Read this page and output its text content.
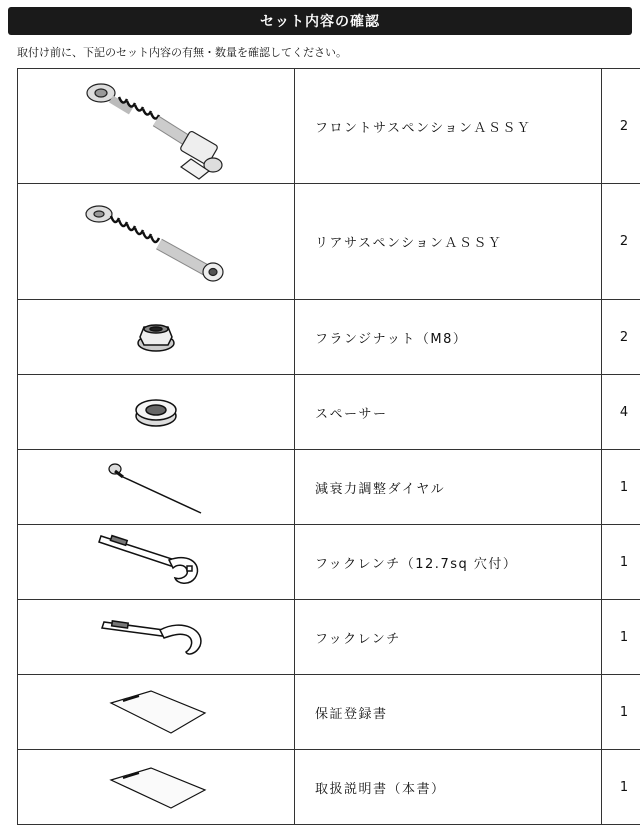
セット内容の確認
取付け前に、下記のセット内容の有無・数量を確認してください。
	フロントサスペンションＡＳＳＹ	2

	リアサスペンションＡＳＳＹ	2

	フランジナット（M8）	2

	スペーサー	4

	減衰力調整ダイヤル	1

	フックレンチ（12.7sq 穴付）	1

	フックレンチ	1

	保証登録書	1

	取扱説明書（本書）	1
